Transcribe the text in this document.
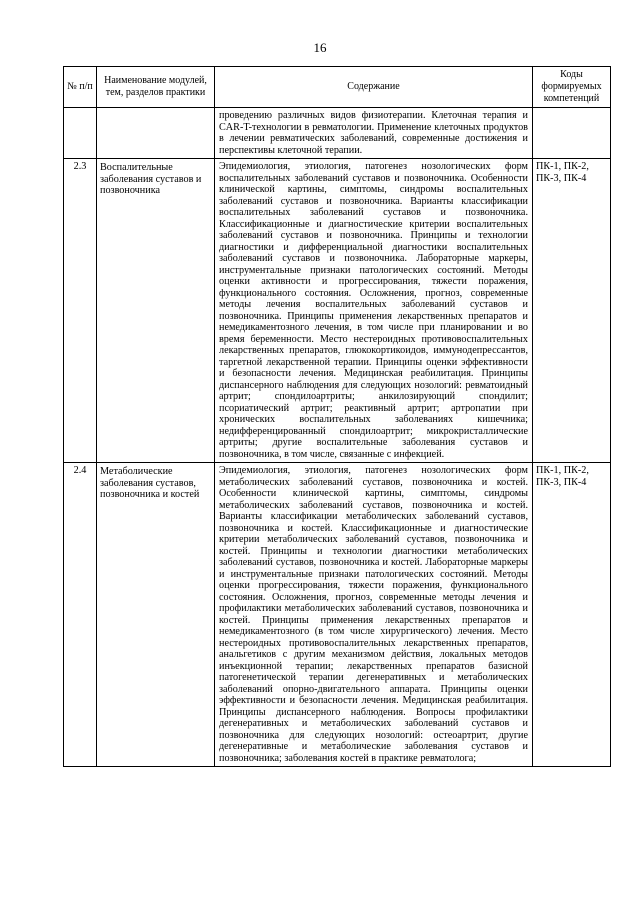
16
№ п/п	Наименование модулей, тем, разделов практики	Содержание	Коды формируемых компетенций
		проведению различных видов физиотерапии. Клеточная терапия и CAR-T-технологии в ревматологии. Применение клеточных продуктов в лечении ревматических заболеваний, современные достижения и перспективы клеточной терапии.	
2.3	Воспалительные заболевания суставов и позвоночника	Эпидемиология, этиология, патогенез нозологических форм воспалительных заболеваний суставов и позвоночника. Особенности клинической картины, симптомы, синдромы воспалительных заболеваний суставов и позвоночника. Варианты классификации воспалительных заболеваний суставов и позвоночника. Классификационные и диагностические критерии воспалительных заболеваний суставов и позвоночника. Принципы и технологии диагностики и дифференциальной диагностики воспалительных заболеваний суставов и позвоночника. Лабораторные маркеры, инструментальные признаки патологических состояний. Методы оценки активности и прогрессирования, тяжести поражения, функционального состояния. Осложнения, прогноз, современные методы лечения воспалительных заболеваний суставов и позвоночника. Принципы применения лекарственных препаратов и немедикаментозного лечения, в том числе при планировании и во время беременности. Место нестероидных противовоспалительных лекарственных препаратов, глюкокортикоидов, иммунодепрессантов, таргетной лекарственной терапии. Принципы оценки эффективности и безопасности лечения. Медицинская реабилитация. Принципы диспансерного наблюдения для следующих нозологий: ревматоидный артрит; спондилоартриты; анкилозирующий спондилит; псориатический артрит; реактивный артрит; артропатии при хронических воспалительных заболеваниях кишечника; недифференцированный спондилоартрит; микрокристаллические артриты; другие воспалительные заболевания суставов и позвоночника, в том числе, связанные с инфекцией.	ПК-1, ПК-2, ПК-3, ПК-4
2.4	Метаболические заболевания суставов, позвоночника и костей	Эпидемиология, этиология, патогенез нозологических форм метаболических заболеваний суставов, позвоночника и костей. Особенности клинической картины, симптомы, синдромы метаболических заболеваний суставов, позвоночника и костей. Варианты классификации метаболических заболеваний суставов, позвоночника и костей. Классификационные и диагностические критерии метаболических заболеваний суставов, позвоночника и костей. Принципы и технологии диагностики метаболических заболеваний суставов, позвоночника и костей. Лабораторные маркеры и инструментальные признаки патологических состояний. Методы оценки прогрессирования, тяжести поражения, функционального состояния. Осложнения, прогноз, современные методы лечения и профилактики метаболических заболеваний суставов, позвоночника и костей. Принципы применения лекарственных препаратов и немедикаментозного (в том числе хирургического) лечения. Место нестероидных противовоспалительных лекарственных препаратов, анальгетиков с другим механизмом действия, локальных методов инъекционной терапии; лекарственных препаратов базисной патогенетической терапии дегенеративных и метаболических заболеваний опорно-двигательного аппарата. Принципы оценки эффективности и безопасности лечения. Медицинская реабилитация. Принципы диспансерного наблюдения. Вопросы профилактики дегенеративных и метаболических заболеваний суставов и позвоночника для следующих нозологий: остеоартрит, другие дегенеративные и метаболические заболевания суставов и позвоночника; заболевания костей в практике ревматолога;	ПК-1, ПК-2, ПК-3, ПК-4
